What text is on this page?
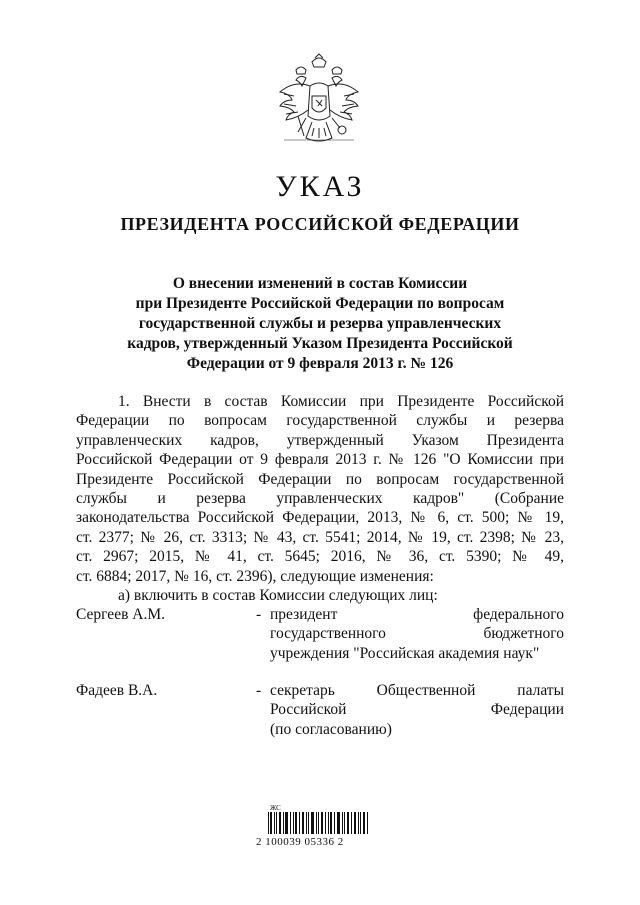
УКАЗ
ПРЕЗИДЕНТА РОССИЙСКОЙ ФЕДЕРАЦИИ
О внесении изменений в состав Комиссии
при Президенте Российской Федерации по вопросам
государственной службы и резерва управленческих
кадров, утвержденный Указом Президента Российской
Федерации от 9 февраля 2013 г. № 126
1. Внести в состав Комиссии при Президенте Российской
Федерации по вопросам государственной службы и резерва
управленческих кадров, утвержденный Указом Президента
Российской Федерации от 9 февраля 2013 г. № 126 "О Комиссии при
Президенте Российской Федерации по вопросам государственной
службы и резерва управленческих кадров" (Собрание
законодательства Российской Федерации, 2013, № 6, ст. 500; № 19,
ст. 2377; № 26, ст. 3313; № 43, ст. 5541; 2014, № 19, ст. 2398; № 23,
ст. 2967; 2015, № 41, ст. 5645; 2016, № 36, ст. 5390; № 49,
ст. 6884; 2017, № 16, ст. 2396), следующие изменения:
а) включить в состав Комиссии следующих лиц:
Сергеев А.М.	- президент федерального
государственного бюджетного
учреждения "Российская академия наук"
Фадеев В.А.	- секретарь Общественной палаты
Российской Федерации
(по согласованию)
ЖС
2 100039 05336 2
